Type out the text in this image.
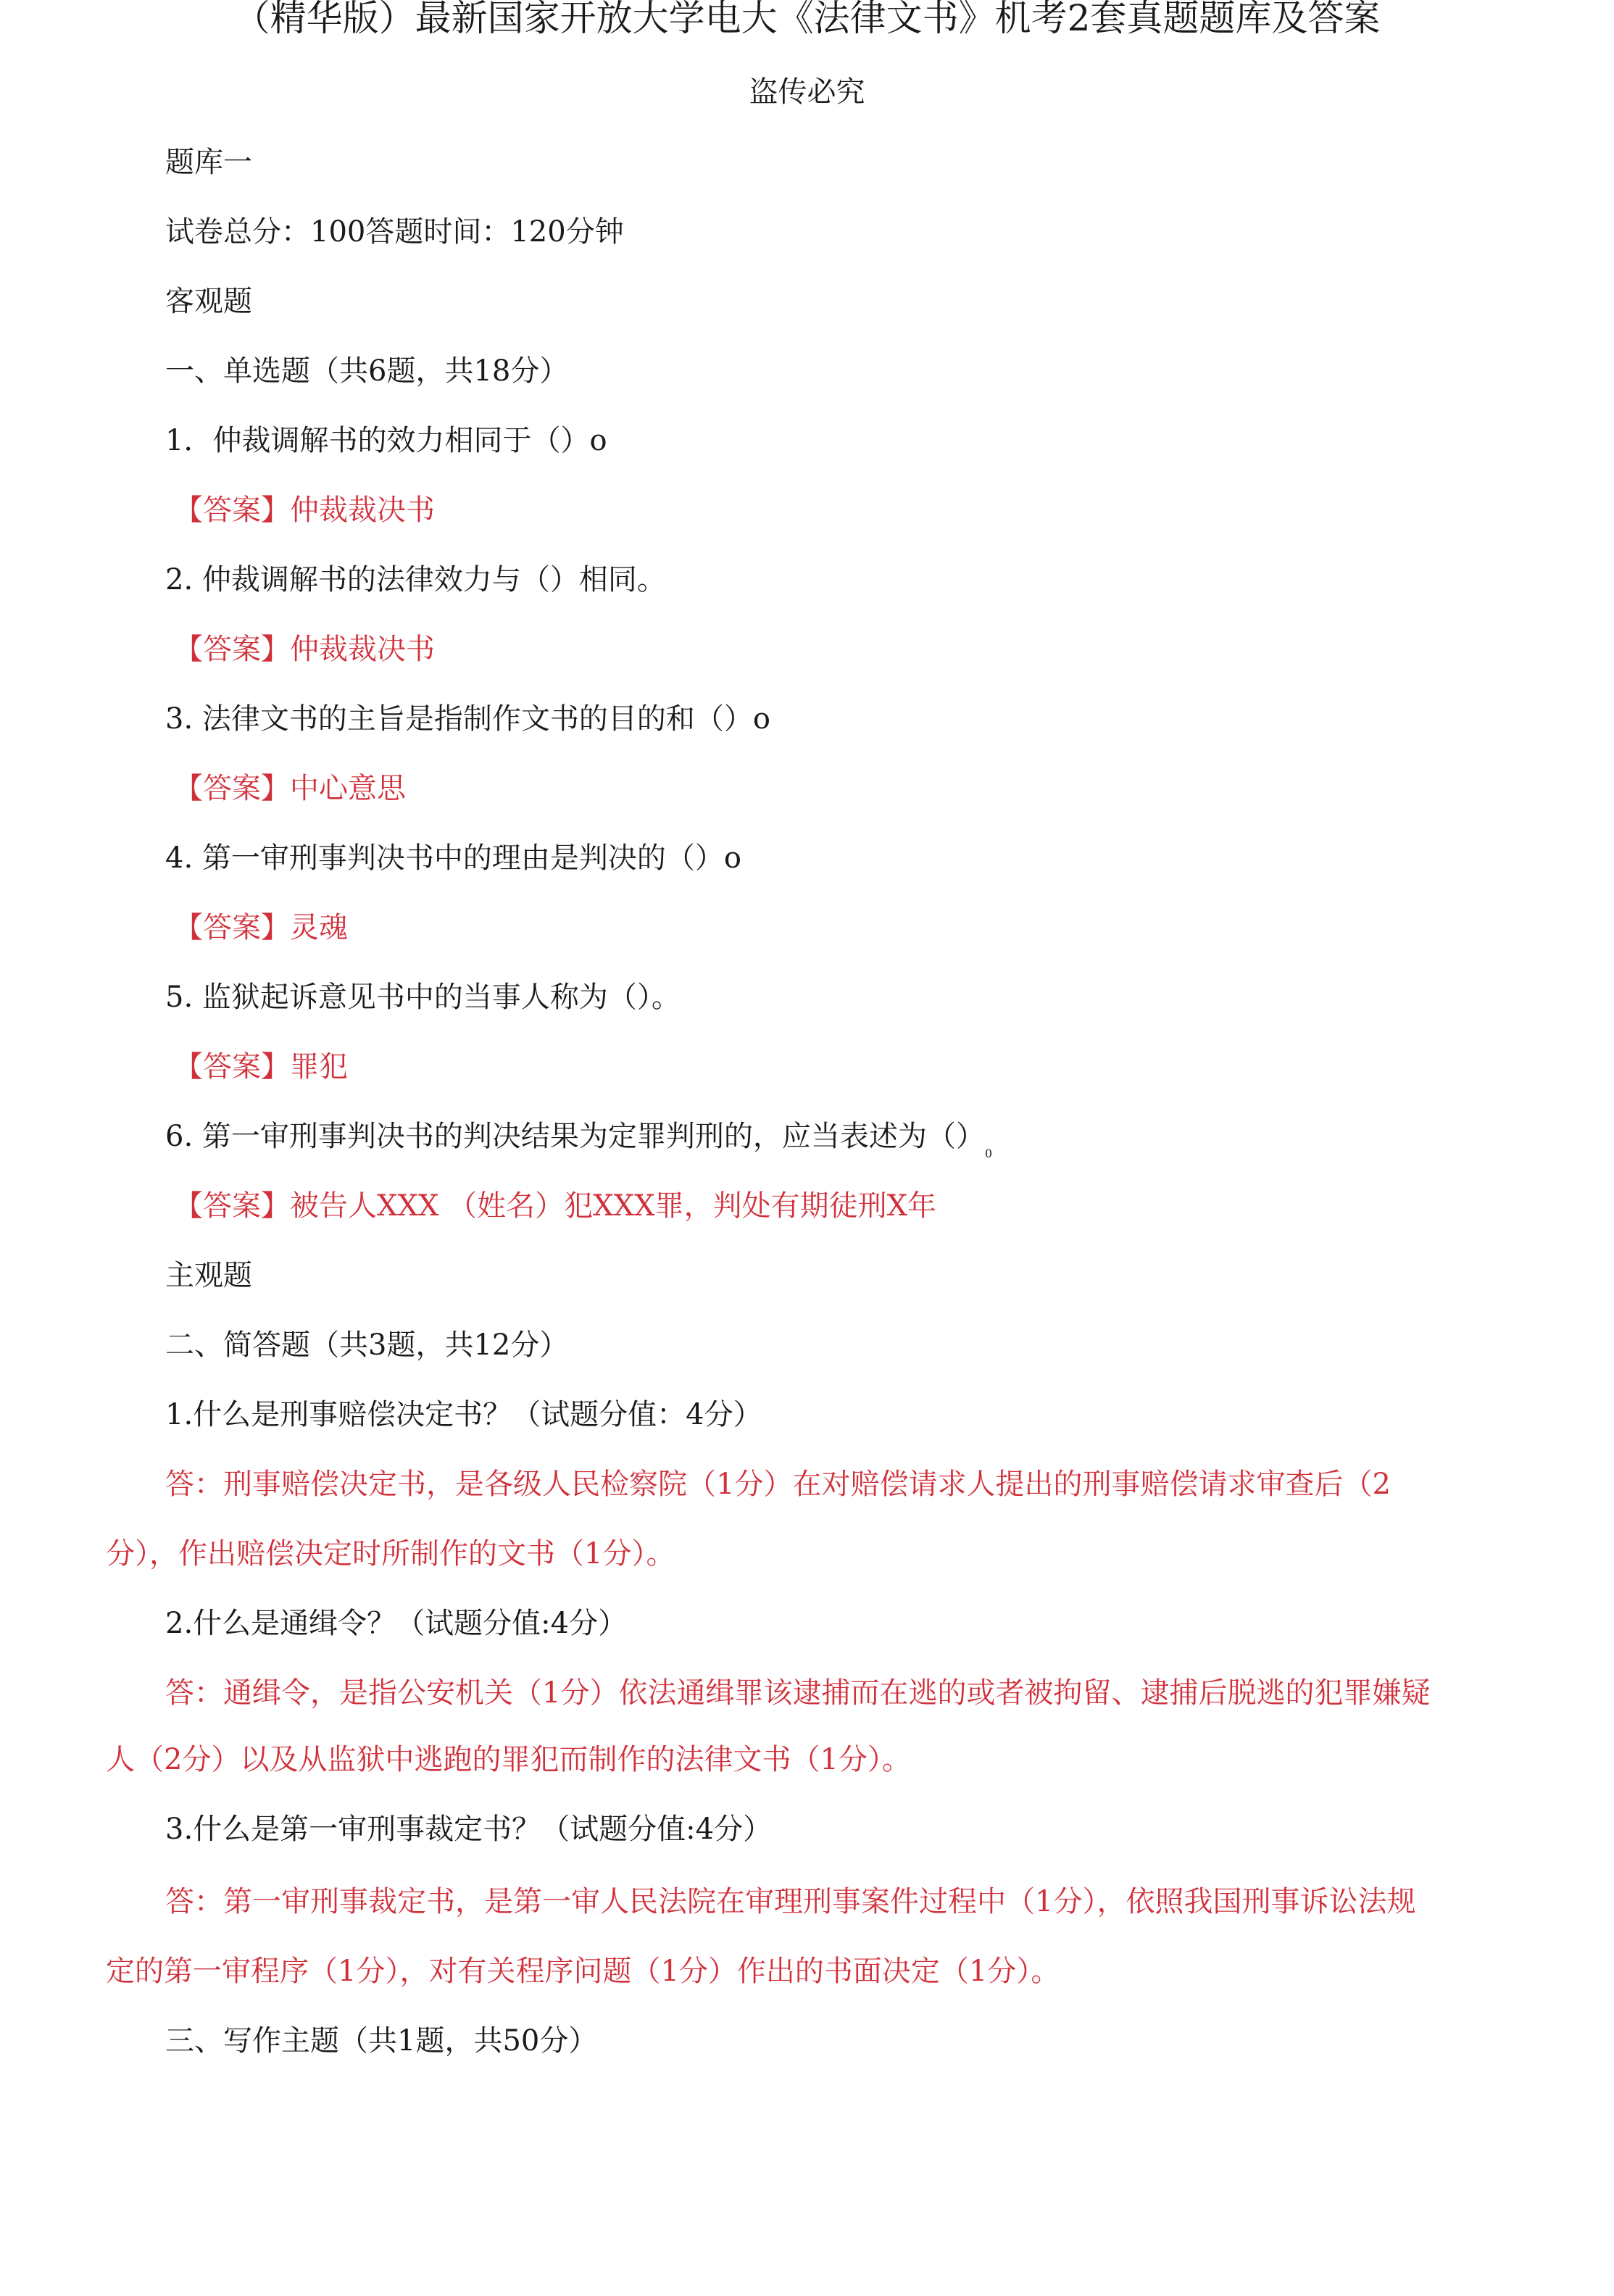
（精华版）最新国家开放大学电大《法律文书》机考2套真题题库及答案
盗传必究
题库一
试卷总分：100答题时间：120分钟
客观题
一、单选题（共6题，共18分）
1．仲裁调解书的效力相同于（）o
【答案】仲裁裁决书
2. 仲裁调解书的法律效力与（）相同。
【答案】仲裁裁决书
3. 法律文书的主旨是指制作文书的目的和（）o
【答案】中心意思
4. 第一审刑事判决书中的理由是判决的（）o
【答案】灵魂
5. 监狱起诉意见书中的当事人称为（）。
【答案】罪犯
6. 第一审刑事判决书的判决结果为定罪判刑的，应当表述为$()_0$
【答案】被告人XXX （姓名）犯XXX罪，判处有期徒刑X年
主观题
二、简答题（共3题，共12分）
1.什么是刑事赔偿决定书？（试题分值：4分）
答：刑事赔偿决定书，是各级人民检察院（1分）在对赔偿请求人提出的刑事赔偿请求审查后（2
分），作出赔偿决定时所制作的文书（1分）。
2.什么是通缉令？（试题分值:4分）
答：通缉令，是指公安机关（1分）依法通缉罪该逮捕而在逃的或者被拘留、逮捕后脱逃的犯罪嫌疑
人（2分）以及从监狱中逃跑的罪犯而制作的法律文书（1分）。
3.什么是第一审刑事裁定书？（试题分值:4分）
答：第一审刑事裁定书，是第一审人民法院在审理刑事案件过程中（1分），依照我国刑事诉讼法规
定的第一审程序（1分），对有关程序问题（1分）作出的书面决定（1分）。
三、写作主题（共1题，共50分）
